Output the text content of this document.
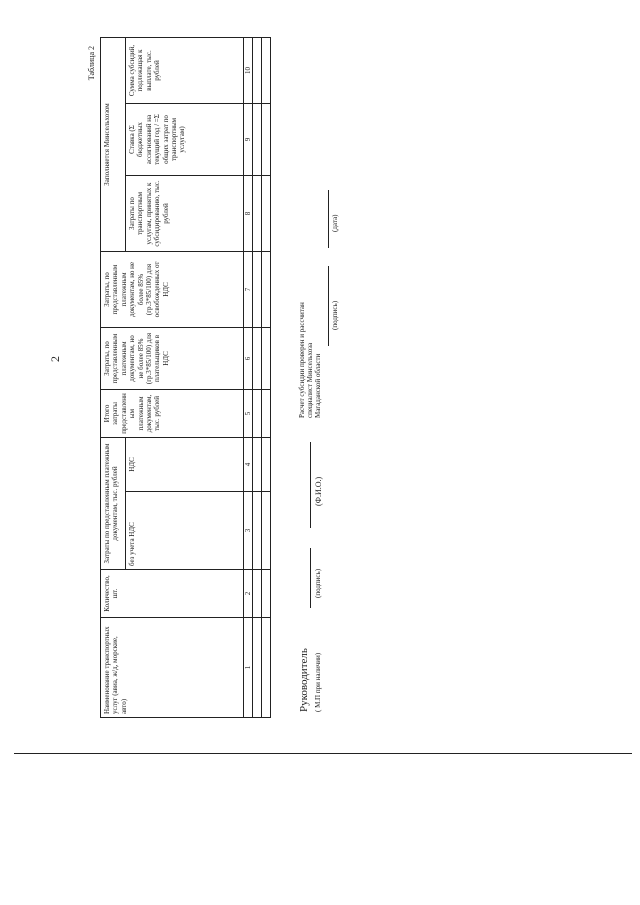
2
Таблица 2
Наименование транспортных услуг (авиа, ж/д, морские, авто)	Количество, шт.	Затраты по представленным платежным документам, тыс. рублей		Итого затраты представленным платежным документам, тыс. рублей	Затраты, по представленным платежным документам, но не более 85% (гр.3*85/100) для плательщиков в НДС	Затраты, по представленным платежным документам, но не более 85% (гр.3*85/100) для освобожденных от НДС	Заполняется Минсельхозом		
		без учета НДС	НДС				Затраты по транспортным услугам, принятых к субсидированию, тыс. рублей	Ставка (Σ бюджетных ассигнований на текущий год / =Σ общих затрат по транспортным услугам)	Сумма субсидий, подлежащая к выплате, тыс. рублей
1	2	3	4	5	6	7	8	9	10

Руководитель ( М.П при наличии)
(подпись)
(Ф.И.О.)
Расчет субсидии проверен и рассчитан специалист Минсельхоза Магаданской области
(подпись)
(дата)
